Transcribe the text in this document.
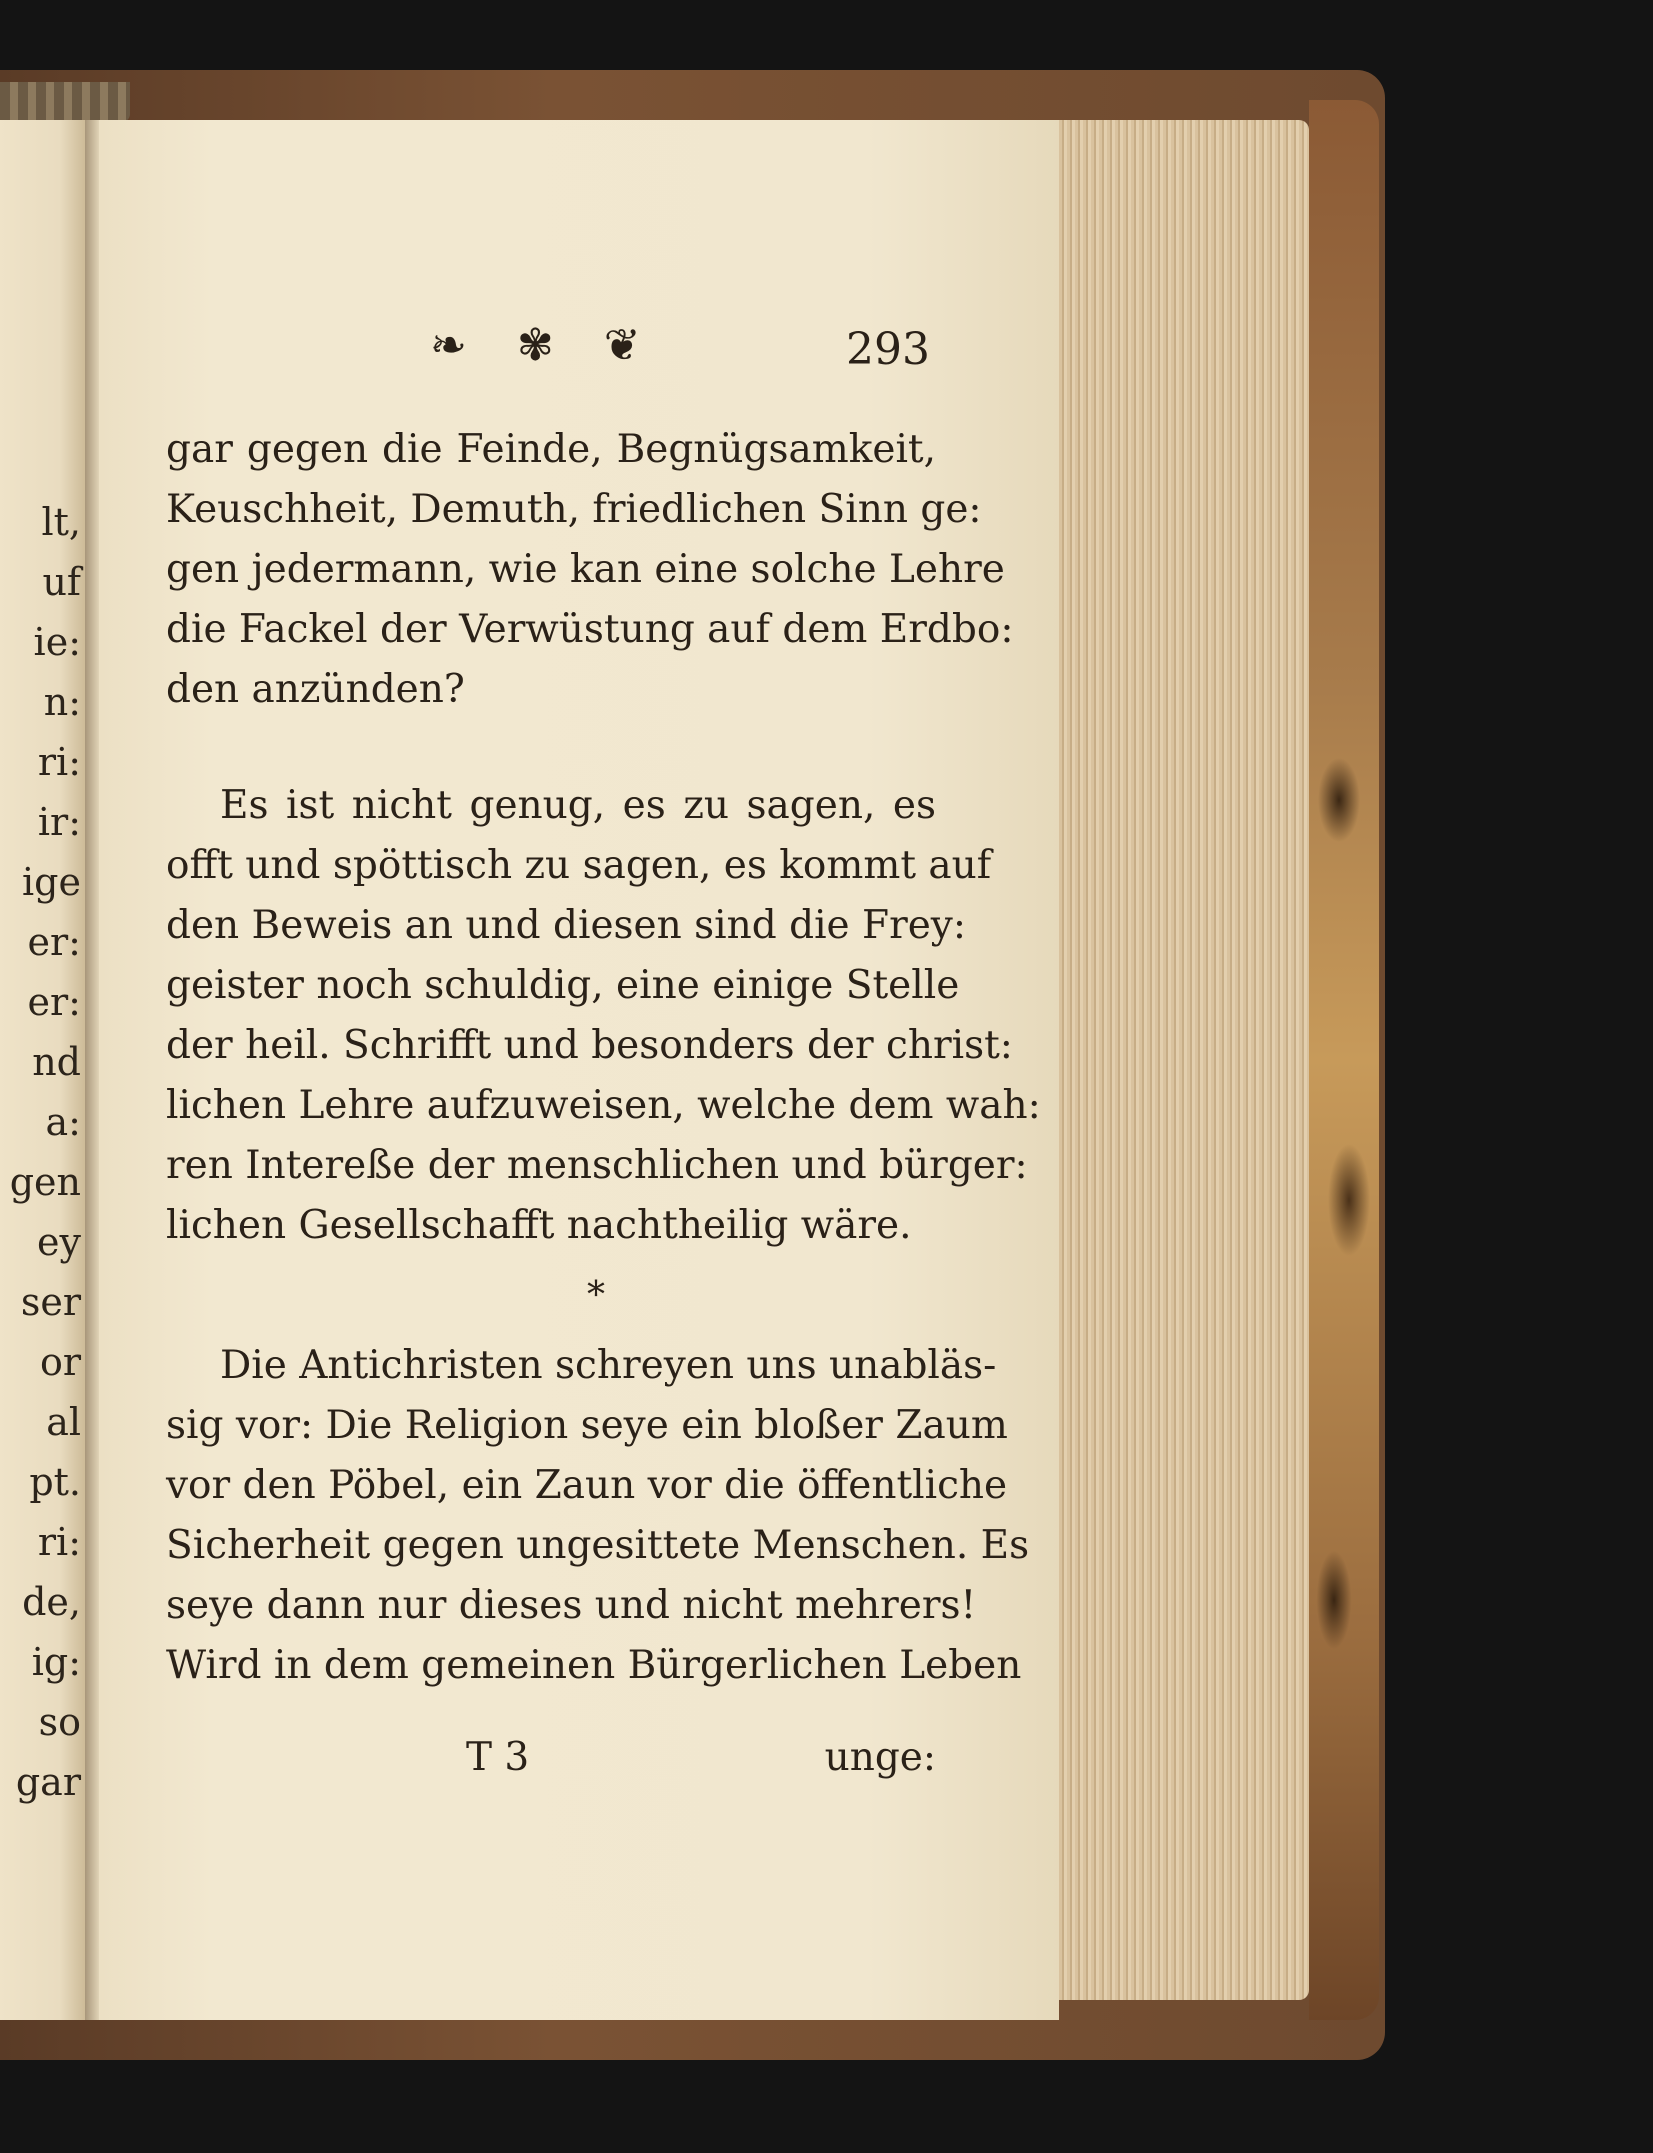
lt,
uf
ie:
n:
ri:
ir:
ige
er:
er:
nd
a:
gen
ey
ser
or
al
pt.
ri:
de,
ig:
so
gar
❧ ✾ ❦	293
gar gegen die Feinde, Begnügsamkeit,
Keuschheit, Demuth, friedlichen Sinn ge:
gen jedermann, wie kan eine solche Lehre
die Fackel der Verwüstung auf dem Erdbo:
den anzünden?
Es ist nicht genug, es zu sagen, es
offt und spöttisch zu sagen, es kommt auf
den Beweis an und diesen sind die Frey:
geister noch schuldig, eine einige Stelle
der heil. Schrifft und besonders der christ:
lichen Lehre aufzuweisen, welche dem wah:
ren Intereße der menschlichen und bürger:
lichen Gesellschafft nachtheilig wäre.
*
Die Antichristen schreyen uns unabläs-
sig vor: Die Religion seye ein bloßer Zaum
vor den Pöbel, ein Zaun vor die öffentliche
Sicherheit gegen ungesittete Menschen. Es
seye dann nur dieses und nicht mehrers!
Wird in dem gemeinen Bürgerlichen Leben
T 3	unge:
